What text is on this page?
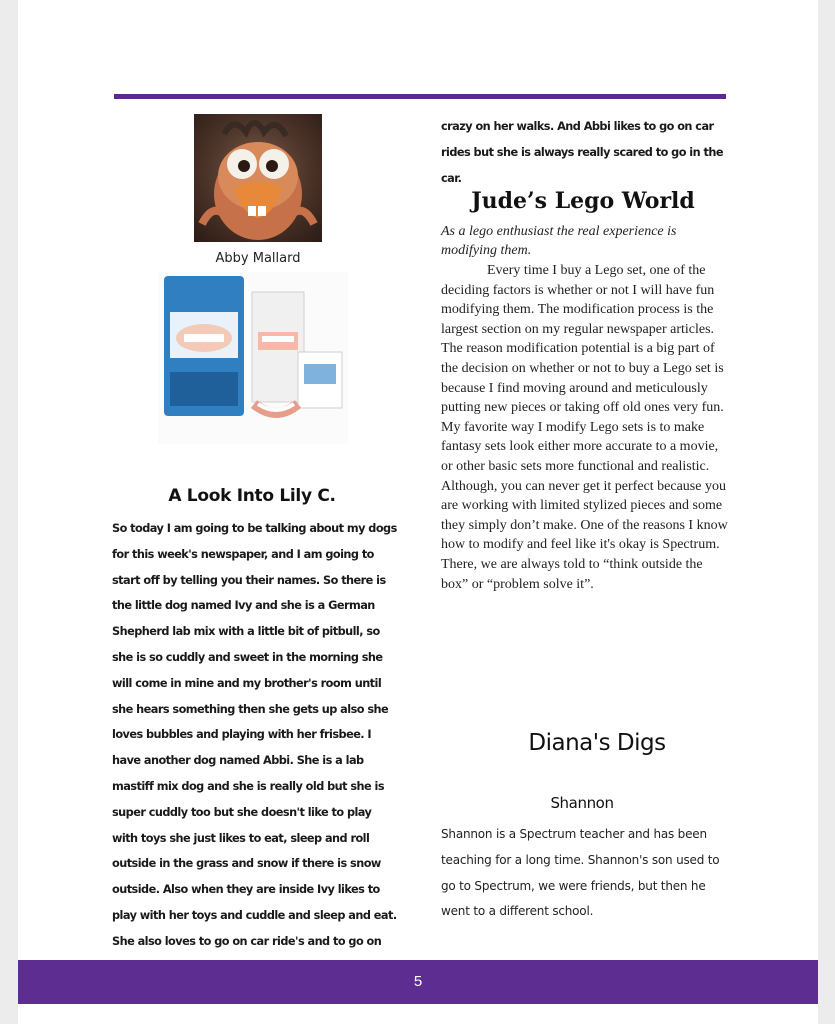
Abby Mallard
A Look Into Lily C.
So today I am going to be talking about my dogs for this week's newspaper, and I am going to start off by telling you their names. So there is the little dog named Ivy and she is a German Shepherd lab mix with a little bit of pitbull, so she is so cuddly and sweet in the morning she will come in mine and my brother's room until she hears something then she gets up also she loves bubbles and playing with her frisbee. I have another dog named Abbi. She is a lab mastiff mix dog and she is really old but she is super cuddly too but she doesn't like to play with toys she just likes to eat, sleep and roll outside in the grass and snow if there is snow outside. Also when they are inside Ivy likes to play with her toys and cuddle and sleep and eat. She also loves to go on car ride's and to go on
crazy on her walks. And Abbi likes to go on car rides but she is always really scared to go in the car.
Jude’s Lego World
As a lego enthusiast the real experience is modifying them.
Every time I buy a Lego set, one of the deciding factors is whether or not I will have fun modifying them. The modification process is the largest section on my regular newspaper articles. The reason modification potential is a big part of the decision on whether or not to buy a Lego set is because I find moving around and meticulously putting new pieces or taking off old ones very fun. My favorite way I modify Lego sets is to make fantasy sets look either more accurate to a movie, or other basic sets more functional and realistic. Although, you can never get it perfect because you are working with limited stylized pieces and some they simply don’t make. One of the reasons I know how to modify and feel like it's okay is Spectrum. There, we are always told to “think outside the box” or “problem solve it”.
Diana's Digs
Shannon
Shannon is a Spectrum teacher and has been teaching for a long time. Shannon's son used to go to Spectrum, we were friends, but then he went to a different school.
5
